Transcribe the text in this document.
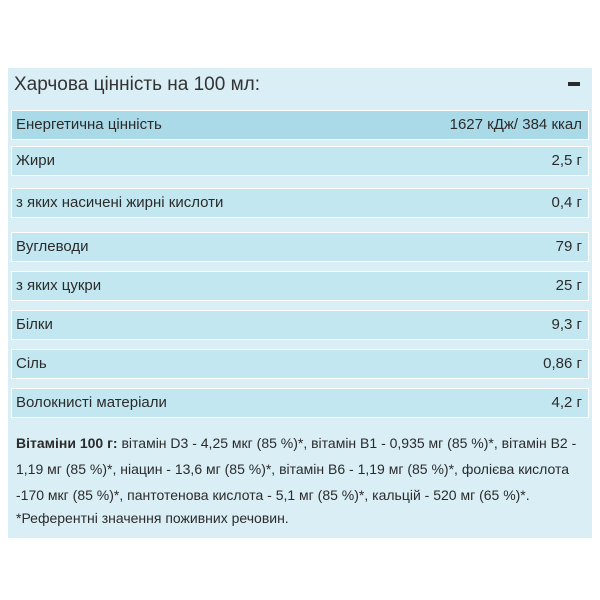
Харчова цінність на 100 мл:
Енергетична цінність	1627 кДж/ 384 ккал
Жири	2,5 г
з яких насичені жирні кислоти	0,4 г
Вуглеводи	79 г
з яких цукри	25 г
Білки	9,3 г
Сіль	0,86 г
Волокнисті матеріали	4,2 г
Вітаміни 100 г: вітамін D3 - 4,25 мкг (85 %)*, вітамін B1 - 0,935 мг (85 %)*, вітамін B2 - 1,19 мг (85 %)*, ніацин - 13,6 мг (85 %)*, вітамін B6 - 1,19 мг (85 %)*, фолієва кислота -170 мкг (85 %)*, пантотенова кислота - 5,1 мг (85 %)*, кальцій - 520 мг (65 %)*.
*Референтні значення поживних речовин.
